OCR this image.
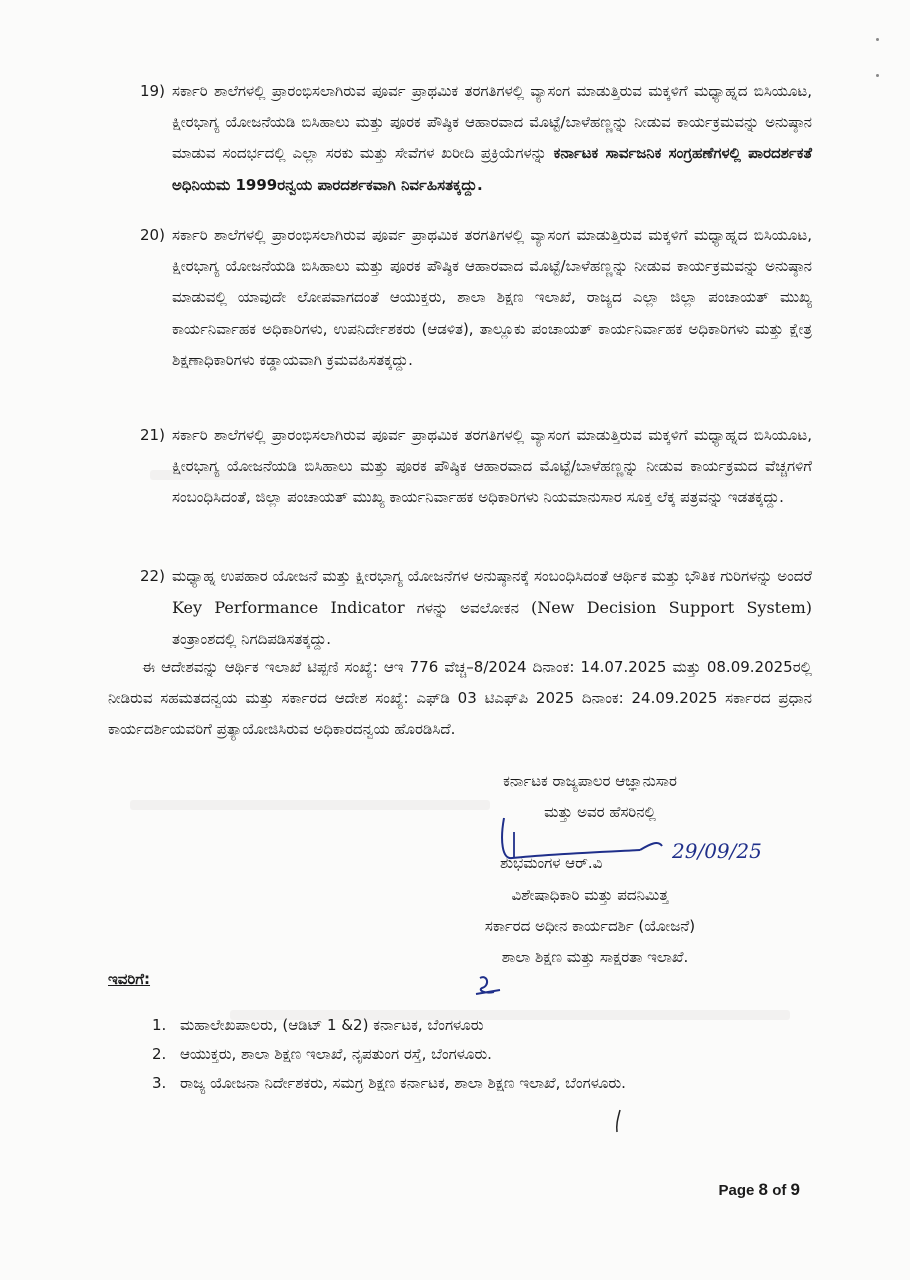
19) ಸರ್ಕಾರಿ ಶಾಲೆಗಳಲ್ಲಿ ಪ್ರಾರಂಭಿಸಲಾಗಿರುವ ಪೂರ್ವ ಪ್ರಾಥಮಿಕ ತರಗತಿಗಳಲ್ಲಿ ವ್ಯಾಸಂಗ ಮಾಡುತ್ತಿರುವ ಮಕ್ಕಳಿಗೆ ಮಧ್ಯಾಹ್ನದ ಬಿಸಿಯೂಟ, ಕ್ಷೀರಭಾಗ್ಯ ಯೋಜನೆಯಡಿ ಬಿಸಿಹಾಲು ಮತ್ತು ಪೂರಕ ಪೌಷ್ಠಿಕ ಆಹಾರವಾದ ಮೊಟ್ಟೆ/ಬಾಳೆಹಣ್ಣನ್ನು ನೀಡುವ ಕಾರ್ಯಕ್ರಮವನ್ನು ಅನುಷ್ಠಾನ ಮಾಡುವ ಸಂದರ್ಭದಲ್ಲಿ ಎಲ್ಲಾ ಸರಕು ಮತ್ತು ಸೇವೆಗಳ ಖರೀದಿ ಪ್ರಕ್ರಿಯೆಗಳನ್ನು ಕರ್ನಾಟಕ ಸಾರ್ವಜನಿಕ ಸಂಗ್ರಹಣೆಗಳಲ್ಲಿ ಪಾರದರ್ಶಕತೆ ಅಧಿನಿಯಮ 1999ರನ್ವಯ ಪಾರದರ್ಶಕವಾಗಿ ನಿರ್ವಹಿಸತಕ್ಕದ್ದು.
20) ಸರ್ಕಾರಿ ಶಾಲೆಗಳಲ್ಲಿ ಪ್ರಾರಂಭಿಸಲಾಗಿರುವ ಪೂರ್ವ ಪ್ರಾಥಮಿಕ ತರಗತಿಗಳಲ್ಲಿ ವ್ಯಾಸಂಗ ಮಾಡುತ್ತಿರುವ ಮಕ್ಕಳಿಗೆ ಮಧ್ಯಾಹ್ನದ ಬಿಸಿಯೂಟ, ಕ್ಷೀರಭಾಗ್ಯ ಯೋಜನೆಯಡಿ ಬಿಸಿಹಾಲು ಮತ್ತು ಪೂರಕ ಪೌಷ್ಠಿಕ ಆಹಾರವಾದ ಮೊಟ್ಟೆ/ಬಾಳೆಹಣ್ಣನ್ನು ನೀಡುವ ಕಾರ್ಯಕ್ರಮವನ್ನು ಅನುಷ್ಠಾನ ಮಾಡುವಲ್ಲಿ ಯಾವುದೇ ಲೋಪವಾಗದಂತೆ ಆಯುಕ್ತರು, ಶಾಲಾ ಶಿಕ್ಷಣ ಇಲಾಖೆ, ರಾಜ್ಯದ ಎಲ್ಲಾ ಜಿಲ್ಲಾ ಪಂಚಾಯತ್ ಮುಖ್ಯ ಕಾರ್ಯನಿರ್ವಾಹಕ ಅಧಿಕಾರಿಗಳು, ಉಪನಿರ್ದೇಶಕರು (ಆಡಳಿತ), ತಾಲ್ಲೂಕು ಪಂಚಾಯತ್ ಕಾರ್ಯನಿರ್ವಾಹಕ ಅಧಿಕಾರಿಗಳು ಮತ್ತು ಕ್ಷೇತ್ರ ಶಿಕ್ಷಣಾಧಿಕಾರಿಗಳು ಕಡ್ಡಾಯವಾಗಿ ಕ್ರಮವಹಿಸತಕ್ಕದ್ದು.
21) ಸರ್ಕಾರಿ ಶಾಲೆಗಳಲ್ಲಿ ಪ್ರಾರಂಭಿಸಲಾಗಿರುವ ಪೂರ್ವ ಪ್ರಾಥಮಿಕ ತರಗತಿಗಳಲ್ಲಿ ವ್ಯಾಸಂಗ ಮಾಡುತ್ತಿರುವ ಮಕ್ಕಳಿಗೆ ಮಧ್ಯಾಹ್ನದ ಬಿಸಿಯೂಟ, ಕ್ಷೀರಭಾಗ್ಯ ಯೋಜನೆಯಡಿ ಬಿಸಿಹಾಲು ಮತ್ತು ಪೂರಕ ಪೌಷ್ಠಿಕ ಆಹಾರವಾದ ಮೊಟ್ಟೆ/ಬಾಳೆಹಣ್ಣನ್ನು ನೀಡುವ ಕಾರ್ಯಕ್ರಮದ ವೆಚ್ಚಗಳಿಗೆ ಸಂಬಂಧಿಸಿದಂತೆ, ಜಿಲ್ಲಾ ಪಂಚಾಯತ್ ಮುಖ್ಯ ಕಾರ್ಯನಿರ್ವಾಹಕ ಅಧಿಕಾರಿಗಳು ನಿಯಮಾನುಸಾರ ಸೂಕ್ತ ಲೆಕ್ಕ ಪತ್ರವನ್ನು ಇಡತಕ್ಕದ್ದು.
22) ಮಧ್ಯಾಹ್ನ ಉಪಹಾರ ಯೋಜನೆ ಮತ್ತು ಕ್ಷೀರಭಾಗ್ಯ ಯೋಜನೆಗಳ ಅನುಷ್ಠಾನಕ್ಕೆ ಸಂಬಂಧಿಸಿದಂತೆ ಆರ್ಥಿಕ ಮತ್ತು ಭೌತಿಕ ಗುರಿಗಳನ್ನು ಅಂದರೆ Key Performance Indicator ಗಳನ್ನು ಅವಲೋಕನ (New Decision Support System) ತಂತ್ರಾಂಶದಲ್ಲಿ ನಿಗದಿಪಡಿಸತಕ್ಕದ್ದು.
ಈ ಆದೇಶವನ್ನು ಆರ್ಥಿಕ ಇಲಾಖೆ ಟಿಪ್ಪಣಿ ಸಂಖ್ಯೆ: ಆಇ 776 ವೆಚ್ಚ–8/2024 ದಿನಾಂಕ: 14.07.2025 ಮತ್ತು 08.09.2025ರಲ್ಲಿ ನೀಡಿರುವ ಸಹಮತದನ್ವಯ ಮತ್ತು ಸರ್ಕಾರದ ಆದೇಶ ಸಂಖ್ಯೆ: ಎಫ್‌ಡಿ 03 ಟಿಎಫ್‌ಪಿ 2025 ದಿನಾಂಕ: 24.09.2025 ಸರ್ಕಾರದ ಪ್ರಧಾನ ಕಾರ್ಯದರ್ಶಿಯವರಿಗೆ ಪ್ರತ್ಯಾಯೋಜಿಸಿರುವ ಅಧಿಕಾರದನ್ವಯ ಹೊರಡಿಸಿದೆ.
ಕರ್ನಾಟಕ ರಾಜ್ಯಪಾಲರ ಆಜ್ಞಾನುಸಾರ
ಮತ್ತು ಅವರ ಹೆಸರಿನಲ್ಲಿ
29/09/25
ಶುಭಮಂಗಳ ಆರ್.ವಿ
ವಿಶೇಷಾಧಿಕಾರಿ ಮತ್ತು ಪದನಿಮಿತ್ತ
ಸರ್ಕಾರದ ಅಧೀನ ಕಾರ್ಯದರ್ಶಿ (ಯೋಜನೆ)
ಶಾಲಾ ಶಿಕ್ಷಣ ಮತ್ತು ಸಾಕ್ಷರತಾ ಇಲಾಖೆ.
ಇವರಿಗೆ:
1. ಮಹಾಲೇಖಪಾಲರು, (ಆಡಿಟ್ 1 &2) ಕರ್ನಾಟಕ, ಬೆಂಗಳೂರು
2. ಆಯುಕ್ತರು, ಶಾಲಾ ಶಿಕ್ಷಣ ಇಲಾಖೆ, ನೃಪತುಂಗ ರಸ್ತೆ, ಬೆಂಗಳೂರು.
3. ರಾಜ್ಯ ಯೋಜನಾ ನಿರ್ದೇಶಕರು, ಸಮಗ್ರ ಶಿಕ್ಷಣ ಕರ್ನಾಟಕ, ಶಾಲಾ ಶಿಕ್ಷಣ ಇಲಾಖೆ, ಬೆಂಗಳೂರು.
Page 8 of 9
